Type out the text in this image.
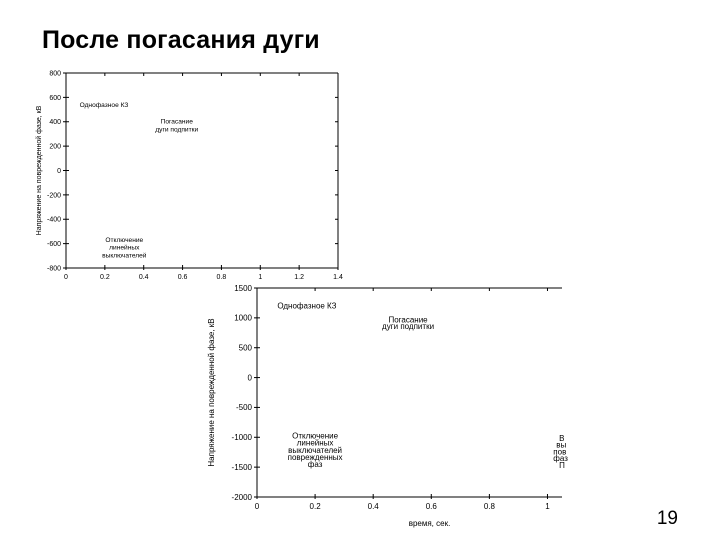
После погасания дуги
-800
-600
-400
-200
0
200
400
600
800
0	0.2	0.4	0.6	0.8	1	1.2	1.4
Напряжение на поврежденной фазе, кВ
Однофазное КЗ
Погасание
дуги подпитки
Отключение
линейных
выключателей
-2000
-1500
-1000
-500
0
500
1000
1500
0	0.2	0.4	0.6	0.8	1
Напряжение на поврежденной фазе, кВ
время, сек.
Однофазное КЗ
Погасание
дуги подпитки
Отключение
линейных
выключателей
поврежденных
фаз
В
вы
пов
фаз
П
19
